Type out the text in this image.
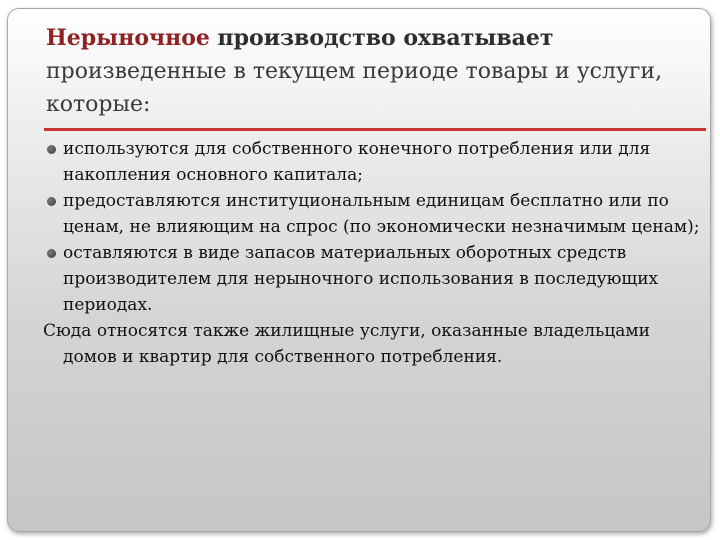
Нерыночное производство охватывает произведенные в текущем периоде товары и услуги, которые:
используются для собственного конечного потребления или для накопления основного капитала;
предоставляются институциональным единицам бесплатно или по ценам, не влияющим на спрос (по экономически незначимым ценам);
оставляются в виде запасов материальных оборотных средств производителем для нерыночного использования в последующих периодах.
Сюда относятся также жилищные услуги, оказанные владельцами домов и квартир для собственного потребления.
